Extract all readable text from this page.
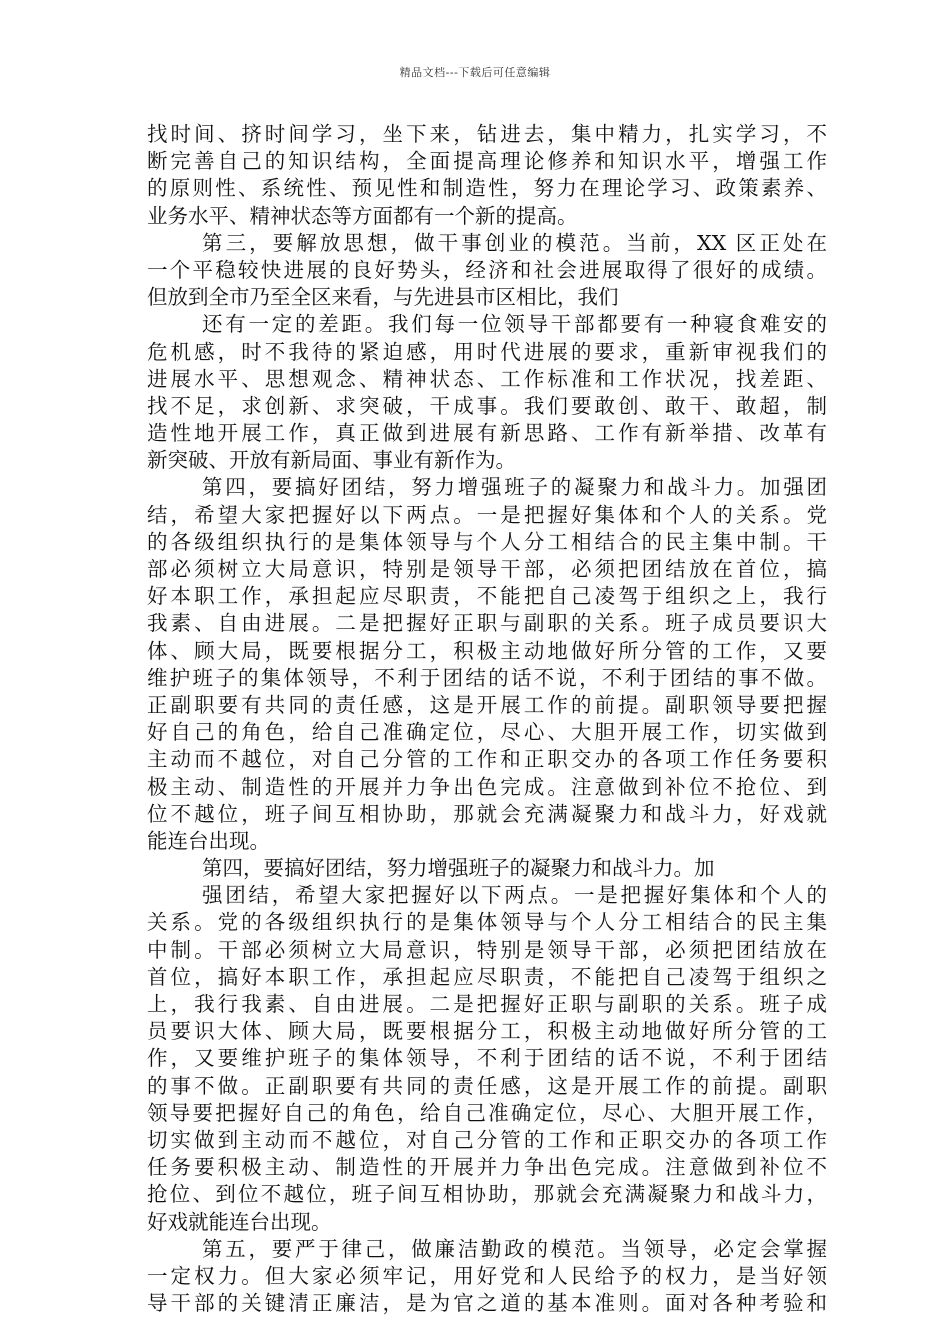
精品文档---下载后可任意编辑
找时间、挤时间学习，坐下来，钻进去，集中精力，扎实学习，不
断完善自己的知识结构，全面提高理论修养和知识水平，增强工作
的原则性、系统性、预见性和制造性，努力在理论学习、政策素养、
业务水平、精神状态等方面都有一个新的提高。
第三，要解放思想，做干事创业的模范。当前，XX 区正处在
一个平稳较快进展的良好势头，经济和社会进展取得了很好的成绩。
但放到全市乃至全区来看，与先进县市区相比，我们
还有一定的差距。我们每一位领导干部都要有一种寝食难安的
危机感，时不我待的紧迫感，用时代进展的要求，重新审视我们的
进展水平、思想观念、精神状态、工作标准和工作状况，找差距、
找不足，求创新、求突破，干成事。我们要敢创、敢干、敢超，制
造性地开展工作，真正做到进展有新思路、工作有新举措、改革有
新突破、开放有新局面、事业有新作为。
第四，要搞好团结，努力增强班子的凝聚力和战斗力。加强团
结，希望大家把握好以下两点。一是把握好集体和个人的关系。党
的各级组织执行的是集体领导与个人分工相结合的民主集中制。干
部必须树立大局意识，特别是领导干部，必须把团结放在首位，搞
好本职工作，承担起应尽职责，不能把自己凌驾于组织之上，我行
我素、自由进展。二是把握好正职与副职的关系。班子成员要识大
体、顾大局，既要根据分工，积极主动地做好所分管的工作，又要
维护班子的集体领导，不利于团结的话不说，不利于团结的事不做。
正副职要有共同的责任感，这是开展工作的前提。副职领导要把握
好自己的角色，给自己准确定位，尽心、大胆开展工作，切实做到
主动而不越位，对自己分管的工作和正职交办的各项工作任务要积
极主动、制造性的开展并力争出色完成。注意做到补位不抢位、到
位不越位，班子间互相协助，那就会充满凝聚力和战斗力，好戏就
能连台出现。
第四，要搞好团结，努力增强班子的凝聚力和战斗力。加
强团结，希望大家把握好以下两点。一是把握好集体和个人的
关系。党的各级组织执行的是集体领导与个人分工相结合的民主集
中制。干部必须树立大局意识，特别是领导干部，必须把团结放在
首位，搞好本职工作，承担起应尽职责，不能把自己凌驾于组织之
上，我行我素、自由进展。二是把握好正职与副职的关系。班子成
员要识大体、顾大局，既要根据分工，积极主动地做好所分管的工
作，又要维护班子的集体领导，不利于团结的话不说，不利于团结
的事不做。正副职要有共同的责任感，这是开展工作的前提。副职
领导要把握好自己的角色，给自己准确定位，尽心、大胆开展工作，
切实做到主动而不越位，对自己分管的工作和正职交办的各项工作
任务要积极主动、制造性的开展并力争出色完成。注意做到补位不
抢位、到位不越位，班子间互相协助，那就会充满凝聚力和战斗力，
好戏就能连台出现。
第五，要严于律己，做廉洁勤政的模范。当领导，必定会掌握
一定权力。但大家必须牢记，用好党和人民给予的权力，是当好领
导干部的关键清正廉洁，是为官之道的基本准则。面对各种考验和
